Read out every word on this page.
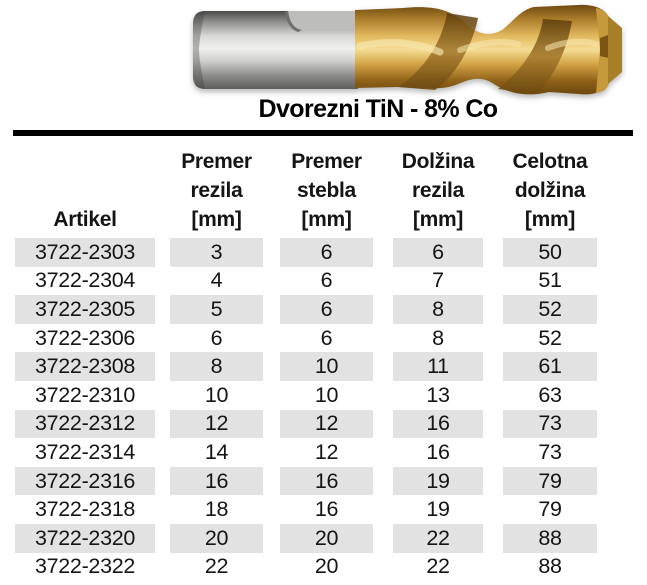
Dvorezni TiN - 8% Co

Artikel
Premer
rezila
[mm]
Premer
stebla
[mm]
Dolžina
rezila
[mm]
Celotna
dolžina
[mm]
3722-2303	3	6	6	50
3722-2304	4	6	7	51
3722-2305	5	6	8	52
3722-2306	6	6	8	52
3722-2308	8	10	11	61
3722-2310	10	10	13	63
3722-2312	12	12	16	73
3722-2314	14	12	16	73
3722-2316	16	16	19	79
3722-2318	18	16	19	79
3722-2320	20	20	22	88
3722-2322	22	20	22	88
